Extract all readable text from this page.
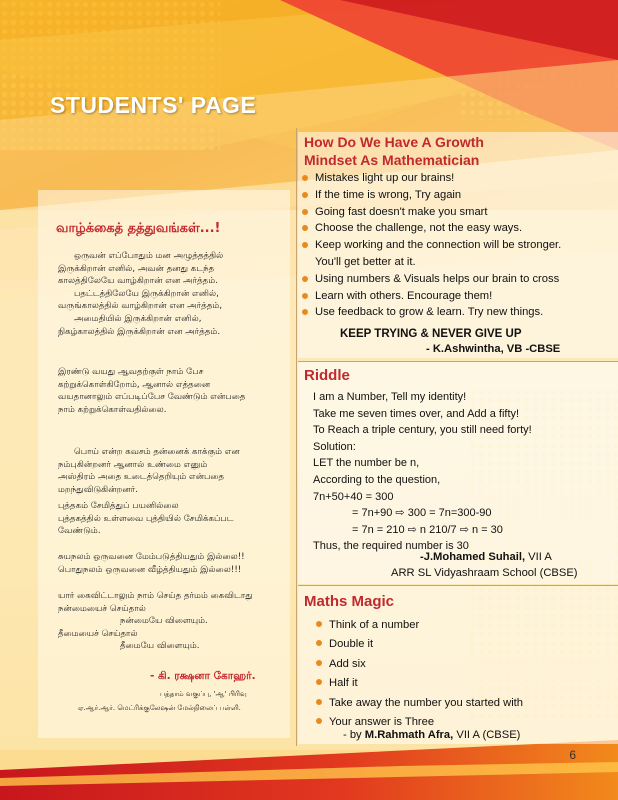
STUDENTS' PAGE
வாழ்க்கைத் தத்துவங்கள்...!
ஒருவன் எப்போதும் மன அழுத்தத்தில்
இருக்கிறான் எனில், அவன் தனது கடந்த
காலத்திலேயே வாழ்கிறான் என அர்த்தம்.
பதட்டத்திலேயே இருக்கிறான் எனில்,
வருங்காலத்தில் வாழ்கிறான் என அர்த்தம்,
அமைதியில் இருக்கிறான் எனில்,
நிகழ்காலத்தில் இருக்கிறான் என அர்த்தம்.
இரண்டு வயது ஆவதற்குள் நாம் பேச
கற்றுக்கொள்கிறோம், ஆனால் எத்தனை
வயதானாலும் எப்படிப்பேச வேண்டும் என்பதை
நாம் கற்றுக்கொள்வதில்லை.
பொய் என்ற கவசம் தன்னைக் காக்கும் என
நம்புகின்றனர் ஆனால் உண்மை எனும்
அஸ்திரம் அதை உடைத்தெறியும் என்பதை
மறந்துவிடுகின்றனர்.
புத்தகம் சேமித்துப் பயனில்லை
புத்தகத்தில் உள்ளவை புத்தியில் சேமிக்கப்பட
வேண்டும்.
சுயநலம் ஒருவனை மேம்படுத்தியதும் இல்லை!!
பொதுநலம் ஒருவனை வீழ்த்தியதும் இல்லை!!!
யார் கைவிட்டாலும் நாம் செய்த தர்மம் கைவிடாது
நன்மையைச் செய்தால்
நன்மையே விளையும்.
தீமையைச் செய்தால்
தீமையே விளையும்.
- கி. ரக்ஷனா கோஹர்.
பத்தாம் வகுப்பு, 'ஆ' பிரிவு
ஏ.ஆர்.ஆர். மெட்ரிக்குலேஷன் மேல்நிலைப் பள்ளி.
How Do We Have A Growth
Mindset As Mathematician
Mistakes light up our brains!
If the time is wrong, Try again
Going fast doesn't make you smart
Choose the challenge, not the easy ways.
Keep working and the connection will be stronger.
You'll get better at it.
Using numbers & Visuals helps our brain to cross
Learn with others. Encourage them!
Use feedback to grow & learn. Try new things.
KEEP TRYING & NEVER GIVE UP
- K.Ashwintha, VB -CBSE
Riddle
I am a Number, Tell my identity!
Take me seven times over, and Add a fifty!
To Reach a triple century, you still need forty!
Solution:
LET the number be n,
According to the question,
7n+50+40 = 300
= 7n+90 ⇨ 300 = 7n=300-90
= 7n = 210 ⇨ n 210/7 ⇨ n = 30
Thus, the required number is 30
-J.Mohamed Suhail, VII A
ARR SL Vidyashraam School (CBSE)
Maths Magic
Think of a number
Double it
Add six
Half it
Take away the number you started with
Your answer is Three
- by M.Rahmath Afra, VII A (CBSE)
6
